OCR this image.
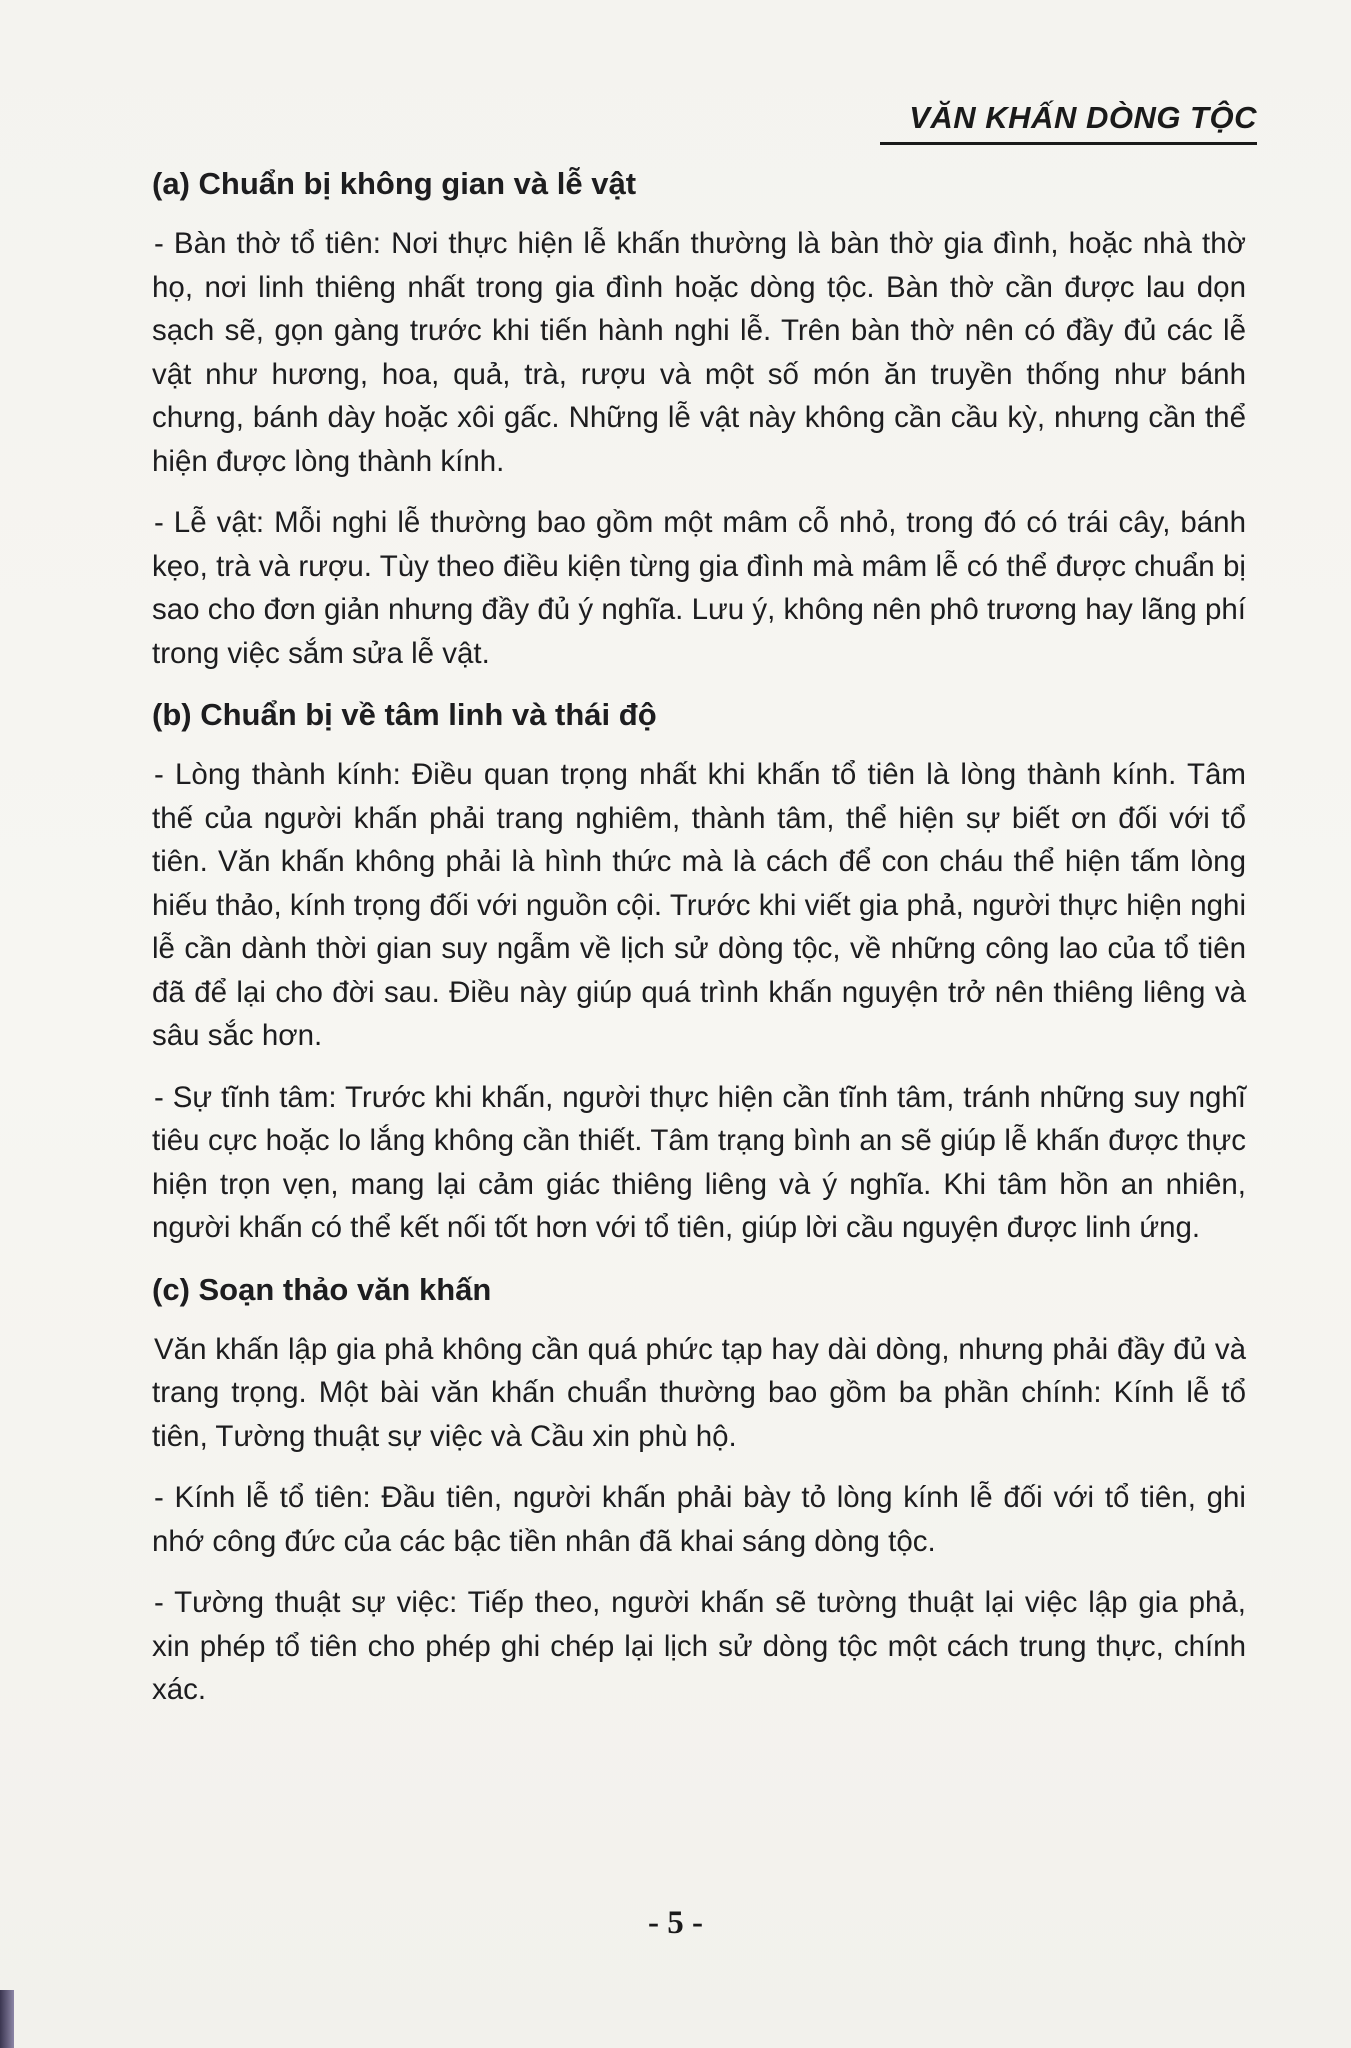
VĂN KHẤN DÒNG TỘC
(a) Chuẩn bị không gian và lễ vật

- Bàn thờ tổ tiên: Nơi thực hiện lễ khấn thường là bàn thờ gia đình, hoặc nhà thờ họ, nơi linh thiêng nhất trong gia đình hoặc dòng tộc. Bàn thờ cần được lau dọn sạch sẽ, gọn gàng trước khi tiến hành nghi lễ. Trên bàn thờ nên có đầy đủ các lễ vật như hương, hoa, quả, trà, rượu và một số món ăn truyền thống như bánh chưng, bánh dày hoặc xôi gấc. Những lễ vật này không cần cầu kỳ, nhưng cần thể hiện được lòng thành kính.

- Lễ vật: Mỗi nghi lễ thường bao gồm một mâm cỗ nhỏ, trong đó có trái cây, bánh kẹo, trà và rượu. Tùy theo điều kiện từng gia đình mà mâm lễ có thể được chuẩn bị sao cho đơn giản nhưng đầy đủ ý nghĩa. Lưu ý, không nên phô trương hay lãng phí trong việc sắm sửa lễ vật.

(b) Chuẩn bị về tâm linh và thái độ

- Lòng thành kính: Điều quan trọng nhất khi khấn tổ tiên là lòng thành kính. Tâm thế của người khấn phải trang nghiêm, thành tâm, thể hiện sự biết ơn đối với tổ tiên. Văn khấn không phải là hình thức mà là cách để con cháu thể hiện tấm lòng hiếu thảo, kính trọng đối với nguồn cội. Trước khi viết gia phả, người thực hiện nghi lễ cần dành thời gian suy ngẫm về lịch sử dòng tộc, về những công lao của tổ tiên đã để lại cho đời sau. Điều này giúp quá trình khấn nguyện trở nên thiêng liêng và sâu sắc hơn.

- Sự tĩnh tâm: Trước khi khấn, người thực hiện cần tĩnh tâm, tránh những suy nghĩ tiêu cực hoặc lo lắng không cần thiết. Tâm trạng bình an sẽ giúp lễ khấn được thực hiện trọn vẹn, mang lại cảm giác thiêng liêng và ý nghĩa. Khi tâm hồn an nhiên, người khấn có thể kết nối tốt hơn với tổ tiên, giúp lời cầu nguyện được linh ứng.

(c) Soạn thảo văn khấn

Văn khấn lập gia phả không cần quá phức tạp hay dài dòng, nhưng phải đầy đủ và trang trọng. Một bài văn khấn chuẩn thường bao gồm ba phần chính: Kính lễ tổ tiên, Tường thuật sự việc và Cầu xin phù hộ.

- Kính lễ tổ tiên: Đầu tiên, người khấn phải bày tỏ lòng kính lễ đối với tổ tiên, ghi nhớ công đức của các bậc tiền nhân đã khai sáng dòng tộc.

- Tường thuật sự việc: Tiếp theo, người khấn sẽ tường thuật lại việc lập gia phả, xin phép tổ tiên cho phép ghi chép lại lịch sử dòng tộc một cách trung thực, chính xác.

- 5 -
